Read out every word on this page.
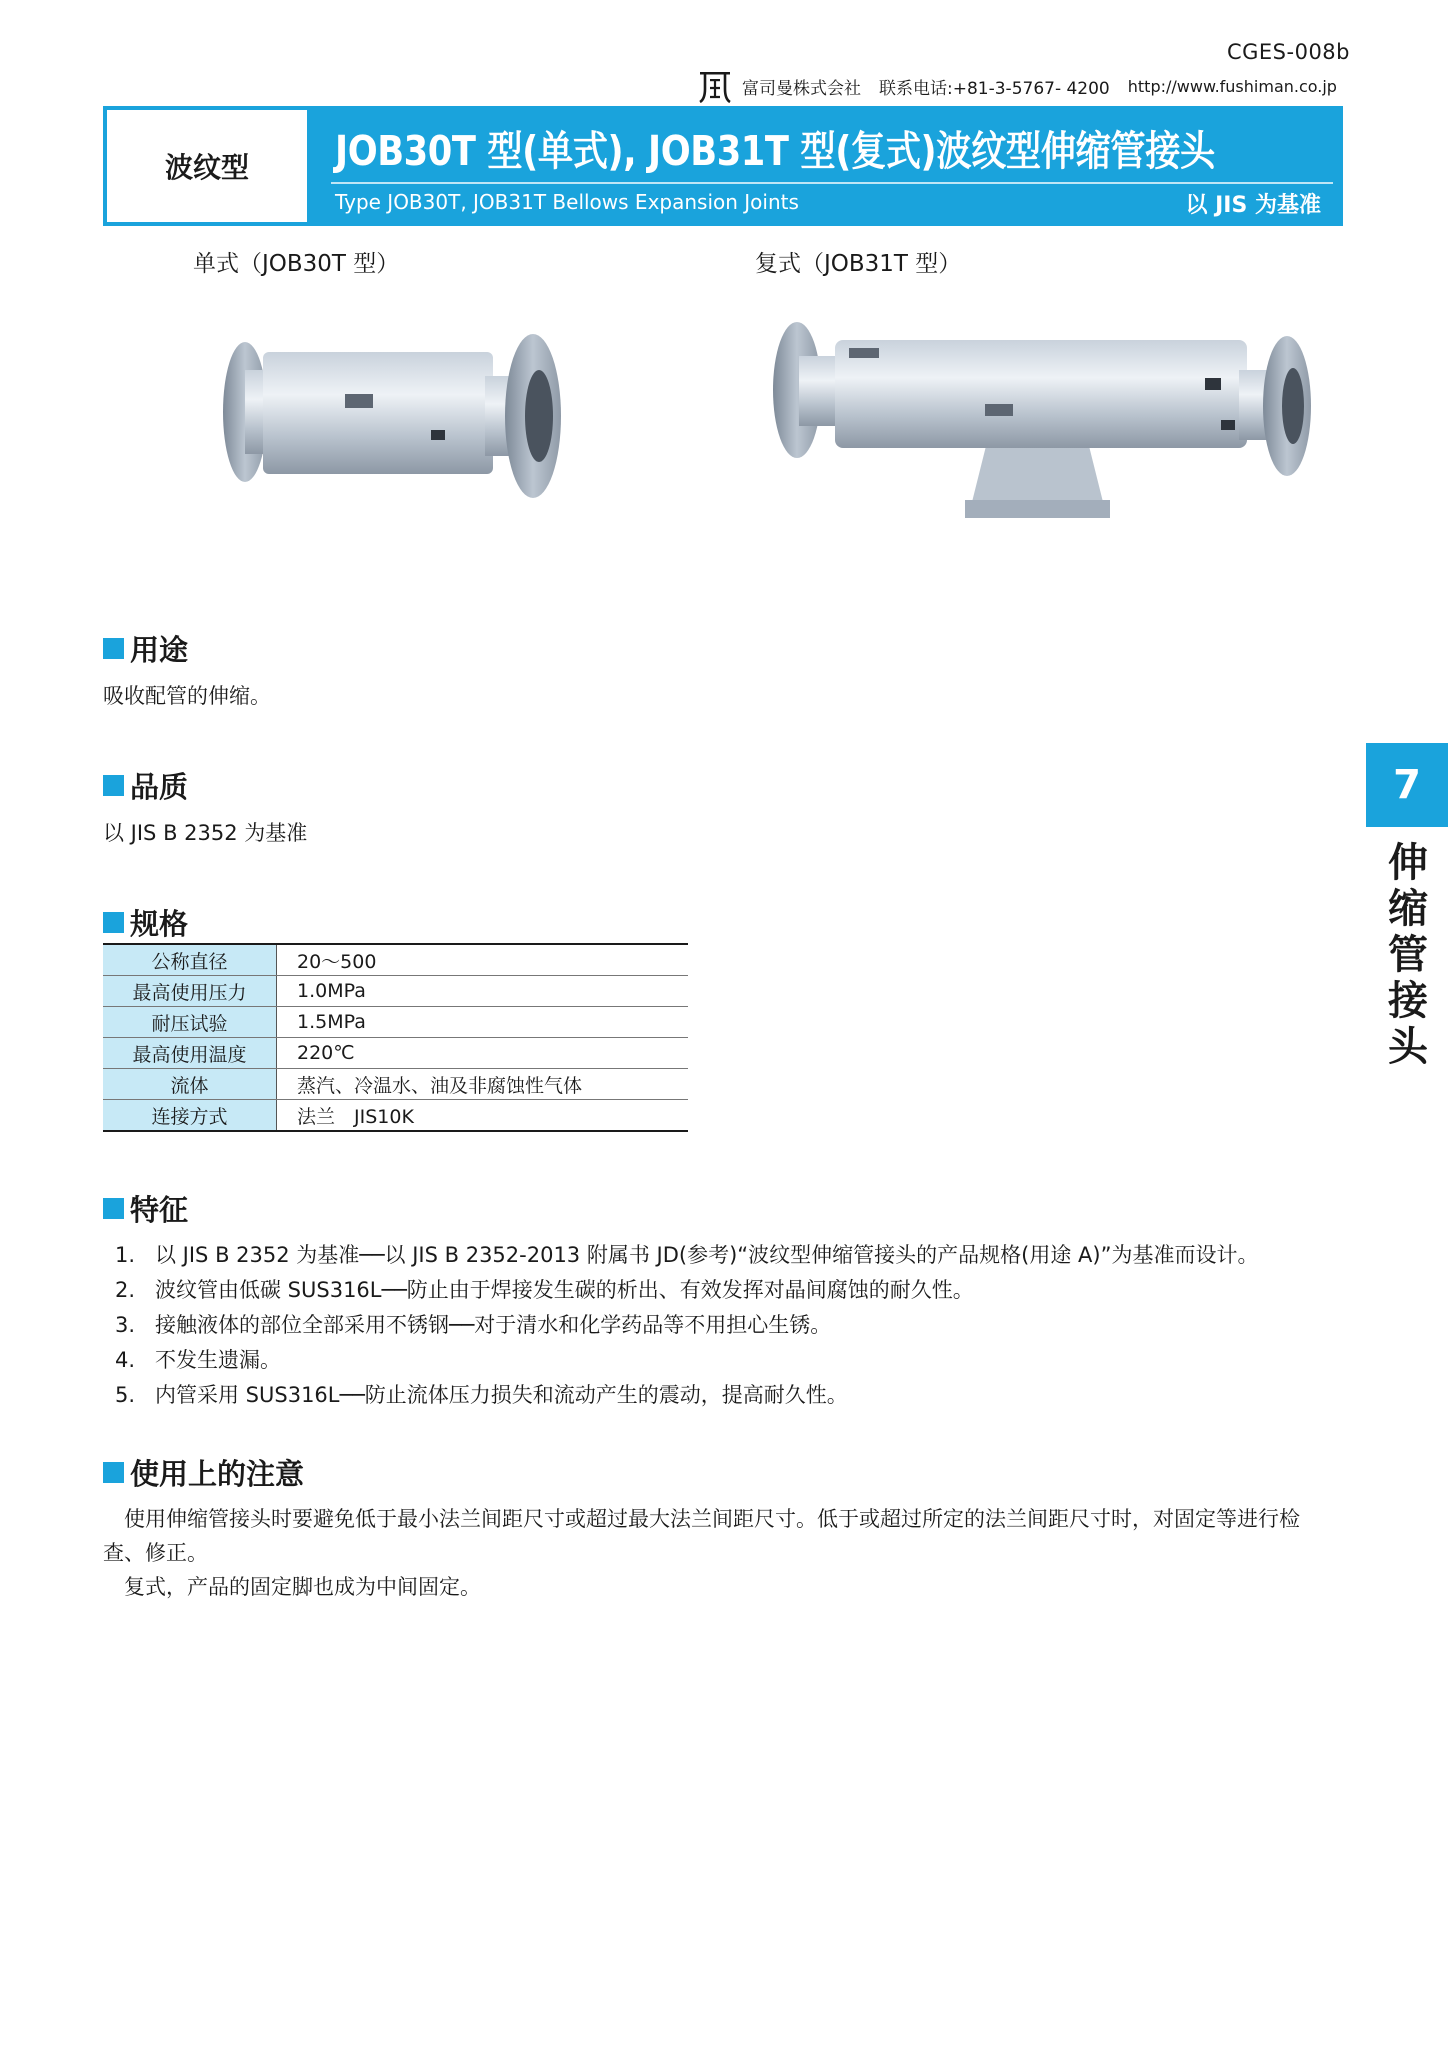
CGES-008b
富司曼株式会社 联系电话:+81-3-5767- 4200 http://www.fushiman.co.jp
波纹型	JOB30T 型(单式), JOB31T 型(复式)波纹型伸缩管接头
Type JOB30T, JOB31T Bellows Expansion Joints	以 JIS 为基准
单式（JOB30T 型）	复式（JOB31T 型）
用途
吸收配管的伸缩。
品质
以 JIS B 2352 为基准
规格
公称直径	20～500
最高使用压力	1.0MPa
耐压试验	1.5MPa
最高使用温度	220℃
流体	蒸汽、冷温水、油及非腐蚀性气体
连接方式	法兰　JIS10K
特征
1. 以 JIS B 2352 为基准──以 JIS B 2352-2013 附属书 JD(参考)“波纹型伸缩管接头的产品规格(用途 A)”为基准而设计。
2. 波纹管由低碳 SUS316L──防止由于焊接发生碳的析出、有效发挥对晶间腐蚀的耐久性。
3. 接触液体的部位全部采用不锈钢──对于清水和化学药品等不用担心生锈。
4. 不发生遗漏。
5. 内管采用 SUS316L──防止流体压力损失和流动产生的震动，提高耐久性。
使用上的注意

　使用伸缩管接头时要避免低于最小法兰间距尺寸或超过最大法兰间距尺寸。低于或超过所定的法兰间距尺寸时，对固定等进行检查、修正。

　复式，产品的固定脚也成为中间固定。

7
伸缩管接头
